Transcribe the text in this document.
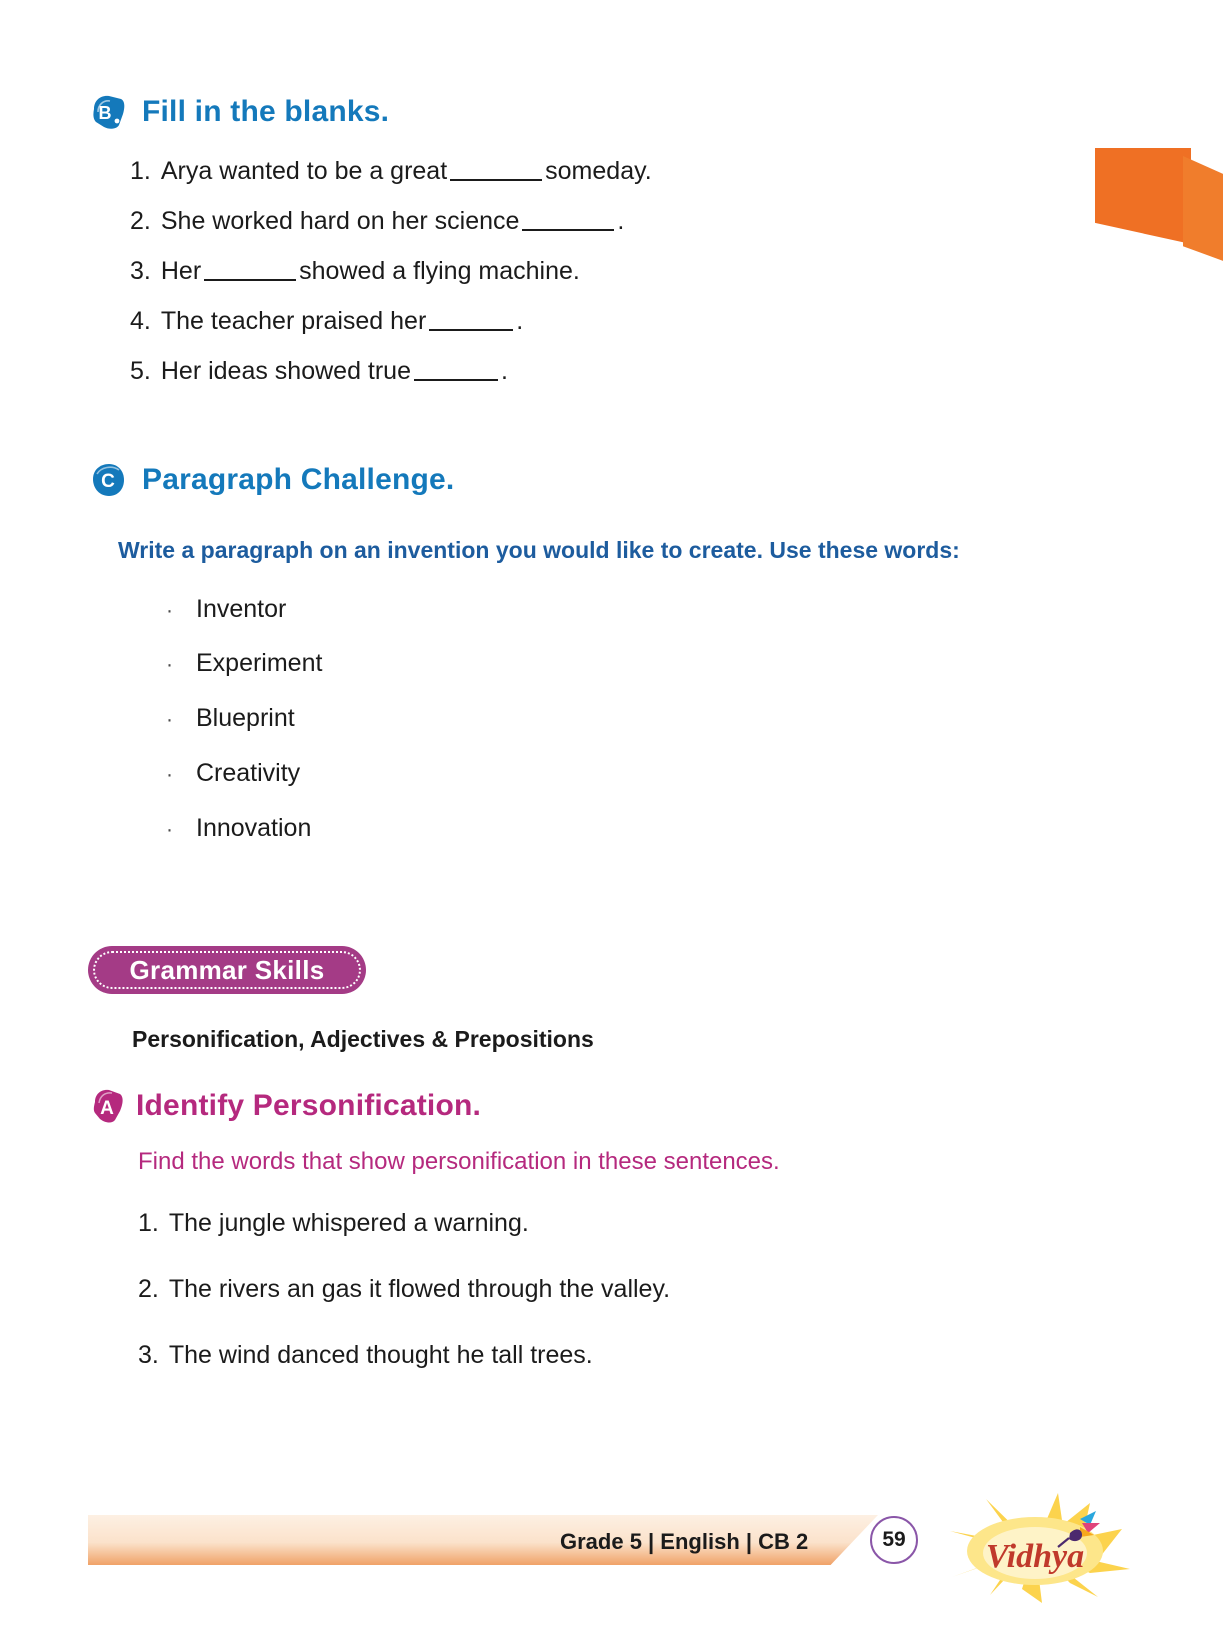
B Fill in the blanks.
1. Arya wanted to be a great	someday.
2. She worked hard on her science	.
3. Her	showed a flying machine.
4. The teacher praised her	.
5. Her ideas showed true	.
C Paragraph Challenge.
Write a paragraph on an invention you would like to create. Use these words:
· Inventor
· Experiment
· Blueprint
· Creativity
· Innovation
Grammar Skills
Personification, Adjectives & Prepositions
A Identify Personification.
Find the words that show personification in these sentences.
1. The jungle whispered a warning.
2. The rivers an gas it flowed through the valley.
3. The wind danced thought he tall trees.
Grade 5 | English | CB 2	59	Vidhya
